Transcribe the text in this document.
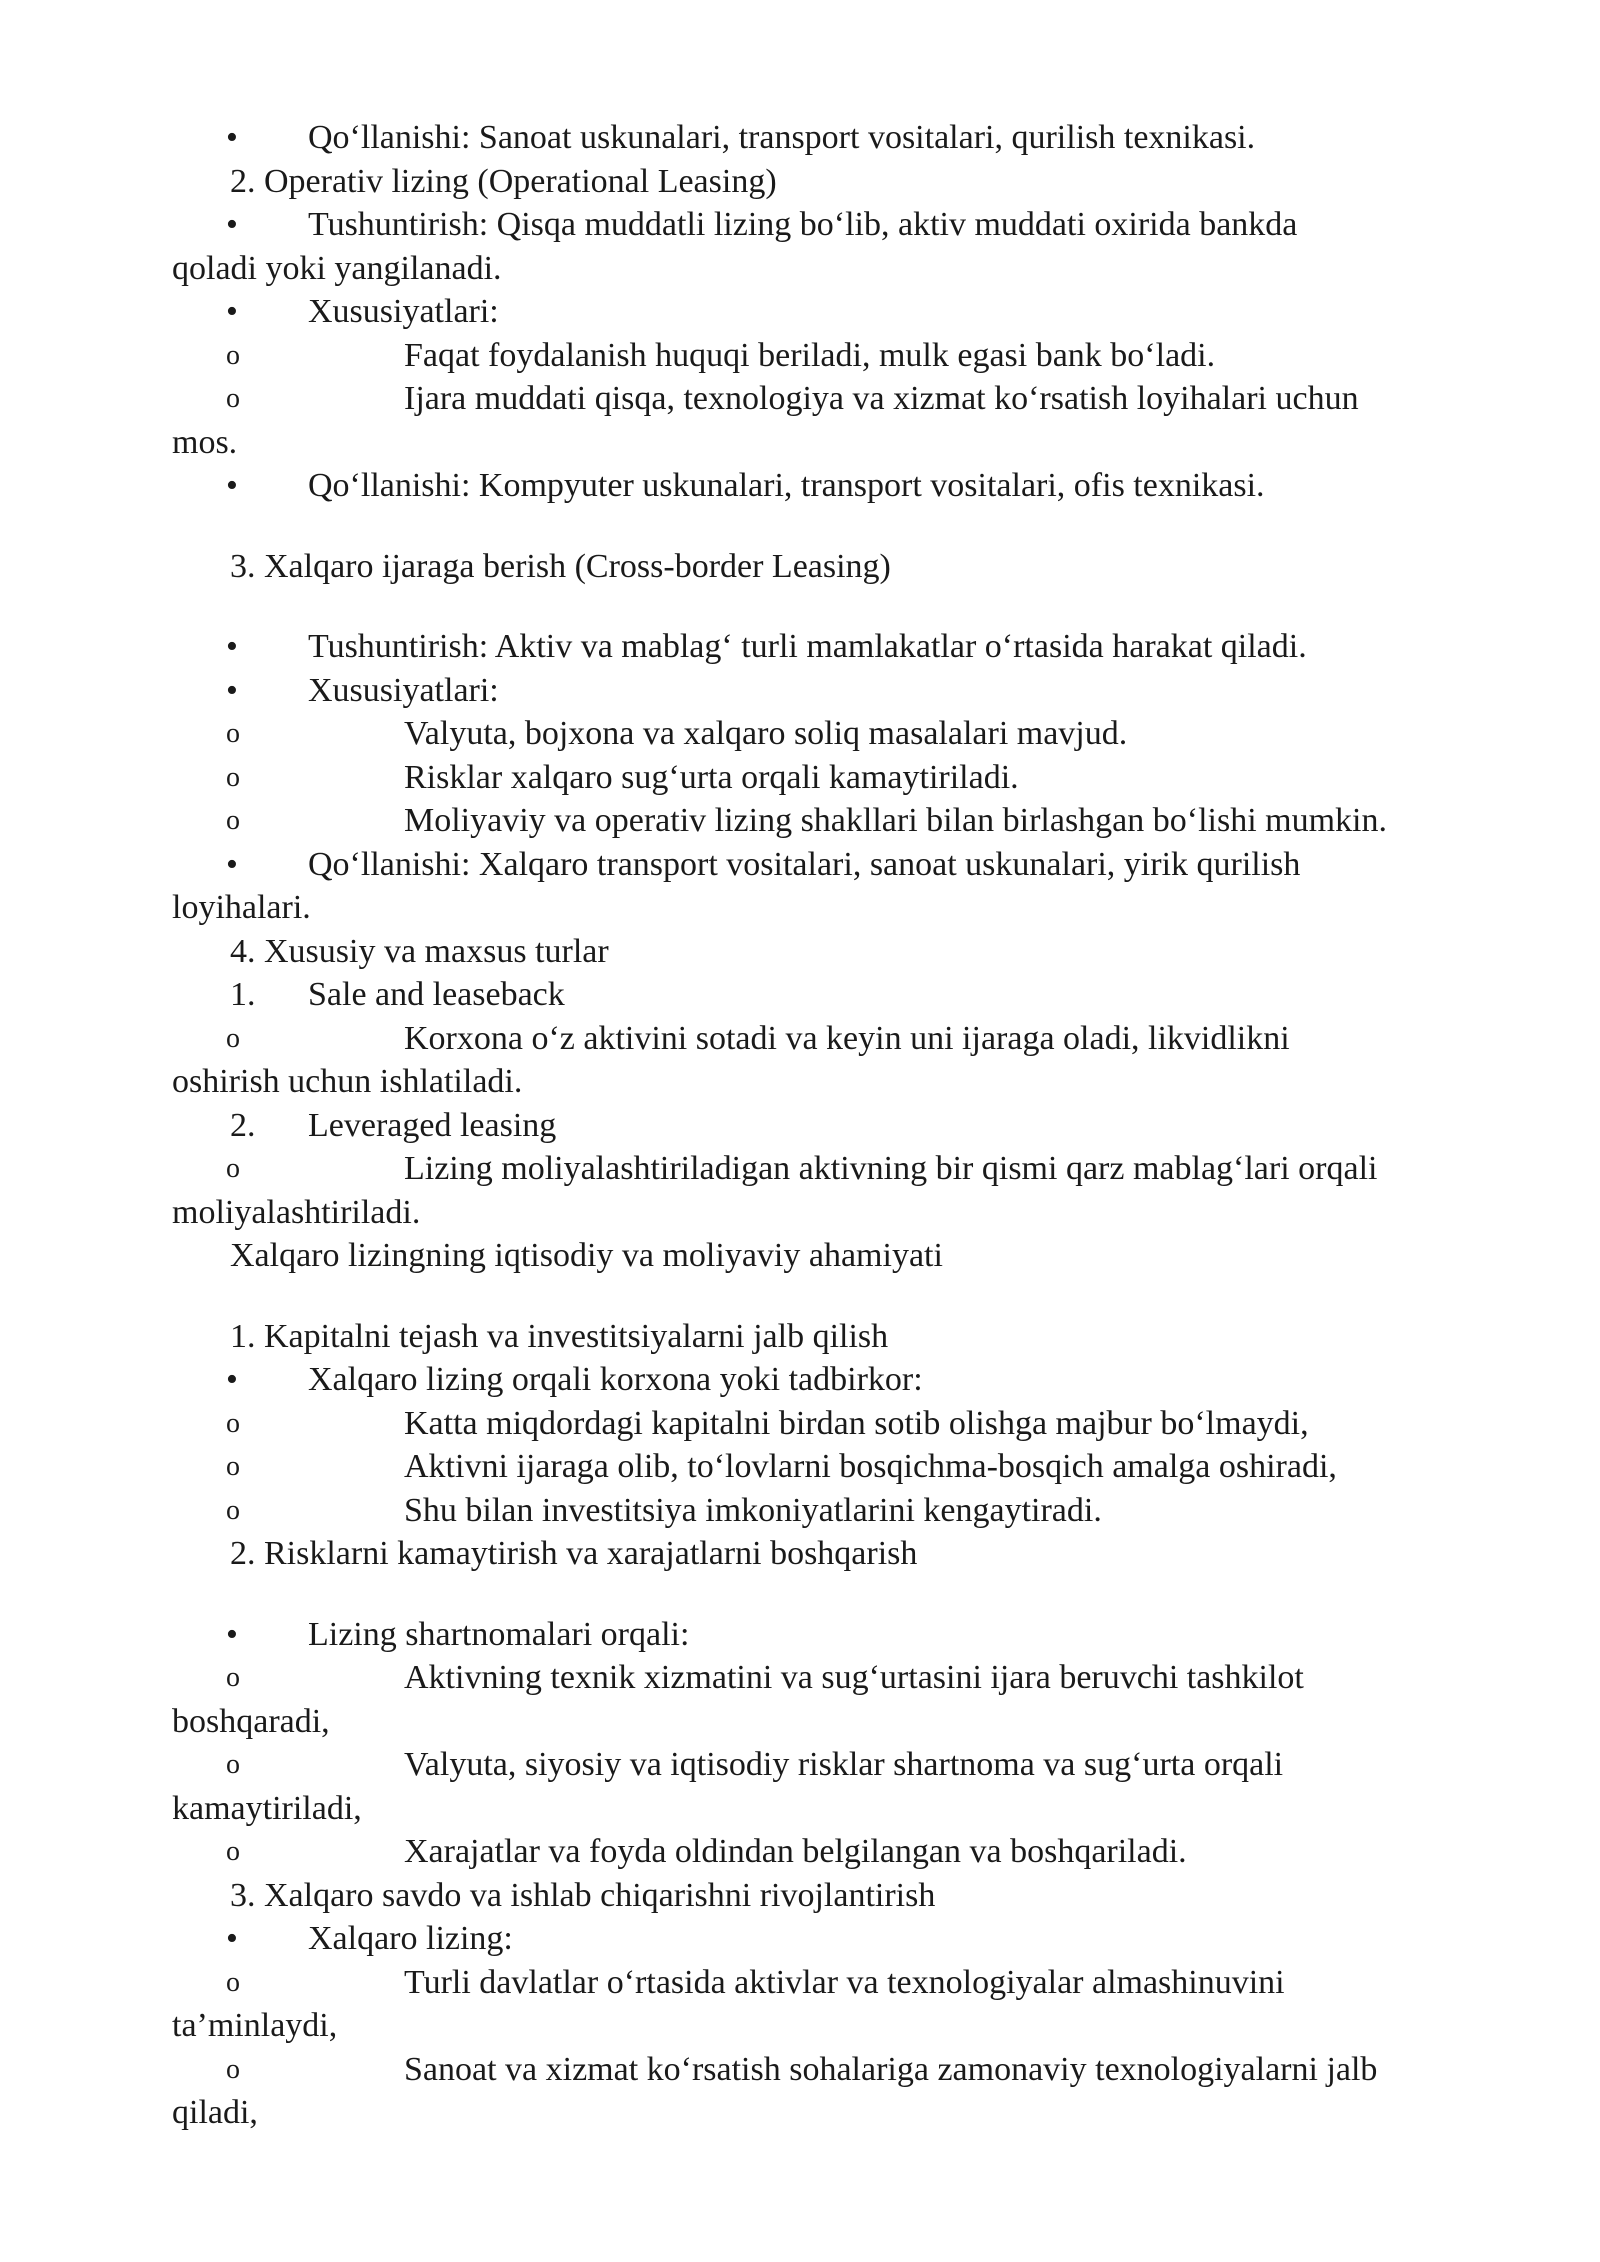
• Qo‘llanishi: Sanoat uskunalari, transport vositalari, qurilish texnikasi.
2. Operativ lizing (Operational Leasing)
• Tushuntirish: Qisqa muddatli lizing bo‘lib, aktiv muddati oxirida bankda
qoladi yoki yangilanadi.
• Xususiyatlari:
o	Faqat foydalanish huquqi beriladi, mulk egasi bank bo‘ladi.
o	Ijara muddati qisqa, texnologiya va xizmat ko‘rsatish loyihalari uchun
mos.
• Qo‘llanishi: Kompyuter uskunalari, transport vositalari, ofis texnikasi.
3. Xalqaro ijaraga berish (Cross-border Leasing)
• Tushuntirish: Aktiv va mablag‘ turli mamlakatlar o‘rtasida harakat qiladi.
• Xususiyatlari:
o	Valyuta, bojxona va xalqaro soliq masalalari mavjud.
o	Risklar xalqaro sug‘urta orqali kamaytiriladi.
o	Moliyaviy va operativ lizing shakllari bilan birlashgan bo‘lishi mumkin.
• Qo‘llanishi: Xalqaro transport vositalari, sanoat uskunalari, yirik qurilish
loyihalari.
4. Xususiy va maxsus turlar
1. Sale and leaseback
o	Korxona o‘z aktivini sotadi va keyin uni ijaraga oladi, likvidlikni
oshirish uchun ishlatiladi.
2. Leveraged leasing
o	Lizing moliyalashtiriladigan aktivning bir qismi qarz mablag‘lari orqali
moliyalashtiriladi.
Xalqaro lizingning iqtisodiy va moliyaviy ahamiyati
1. Kapitalni tejash va investitsiyalarni jalb qilish
• Xalqaro lizing orqali korxona yoki tadbirkor:
o	Katta miqdordagi kapitalni birdan sotib olishga majbur bo‘lmaydi,
o	Aktivni ijaraga olib, to‘lovlarni bosqichma-bosqich amalga oshiradi,
o	Shu bilan investitsiya imkoniyatlarini kengaytiradi.
2. Risklarni kamaytirish va xarajatlarni boshqarish
• Lizing shartnomalari orqali:
o	Aktivning texnik xizmatini va sug‘urtasini ijara beruvchi tashkilot
boshqaradi,
o	Valyuta, siyosiy va iqtisodiy risklar shartnoma va sug‘urta orqali
kamaytiriladi,
o	Xarajatlar va foyda oldindan belgilangan va boshqariladi.
3. Xalqaro savdo va ishlab chiqarishni rivojlantirish
• Xalqaro lizing:
o	Turli davlatlar o‘rtasida aktivlar va texnologiyalar almashinuvini
ta’minlaydi,
o	Sanoat va xizmat ko‘rsatish sohalariga zamonaviy texnologiyalarni jalb
qiladi,
